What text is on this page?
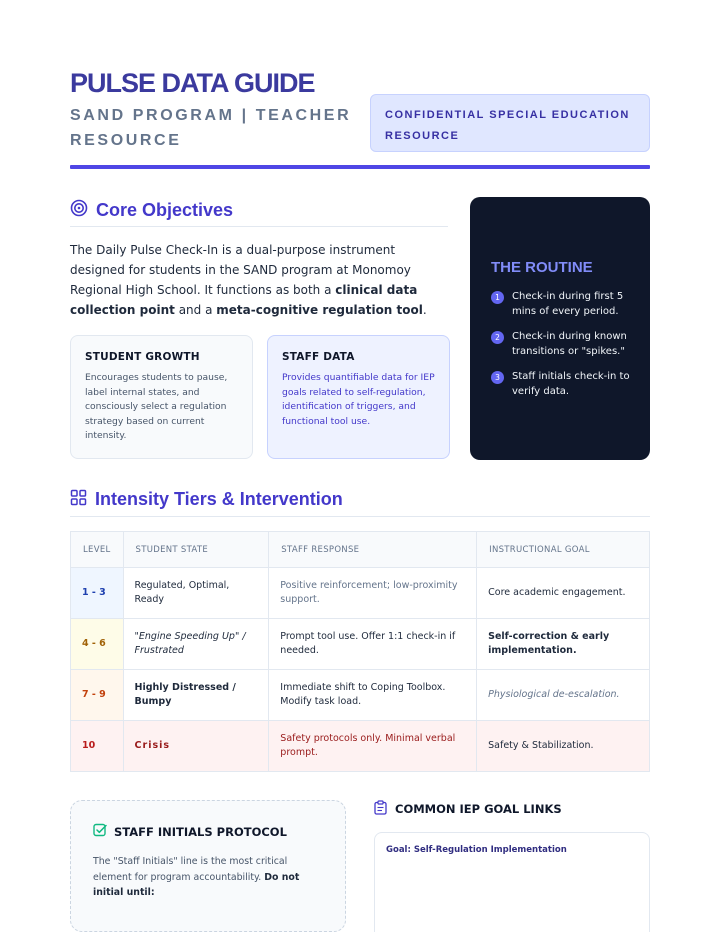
PULSE DATA GUIDE
SAND PROGRAM | TEACHER RESOURCE
CONFIDENTIAL SPECIAL EDUCATION RESOURCE
Core Objectives
The Daily Pulse Check-In is a dual-purpose instrument designed for students in the SAND program at Monomoy Regional High School. It functions as both a clinical data collection point and a meta-cognitive regulation tool.
STUDENT GROWTH
Encourages students to pause, label internal states, and consciously select a regulation strategy based on current intensity.
STAFF DATA
Provides quantifiable data for IEP goals related to self-regulation, identification of triggers, and functional tool use.
THE ROUTINE
1	Check-in during first 5 mins of every period.
2	Check-in during known transitions or "spikes."
3	Staff initials check-in to verify data.
Intensity Tiers & Intervention
LEVEL	STUDENT STATE	STAFF RESPONSE	INSTRUCTIONAL GOAL
1 - 3	Regulated, Optimal, Ready	Positive reinforcement; low-proximity support.	Core academic engagement.
4 - 6	"Engine Speeding Up" / Frustrated	Prompt tool use. Offer 1:1 check-in if needed.	Self-correction & early implementation.
7 - 9	Highly Distressed / Bumpy	Immediate shift to Coping Toolbox. Modify task load.	Physiological de-escalation.
10	Crisis	Safety protocols only. Minimal verbal prompt.	Safety & Stabilization.
STAFF INITIALS PROTOCOL
The "Staff Initials" line is the most critical element for program accountability. Do not initial until:
COMMON IEP GOAL LINKS
Goal: Self-Regulation Implementation
